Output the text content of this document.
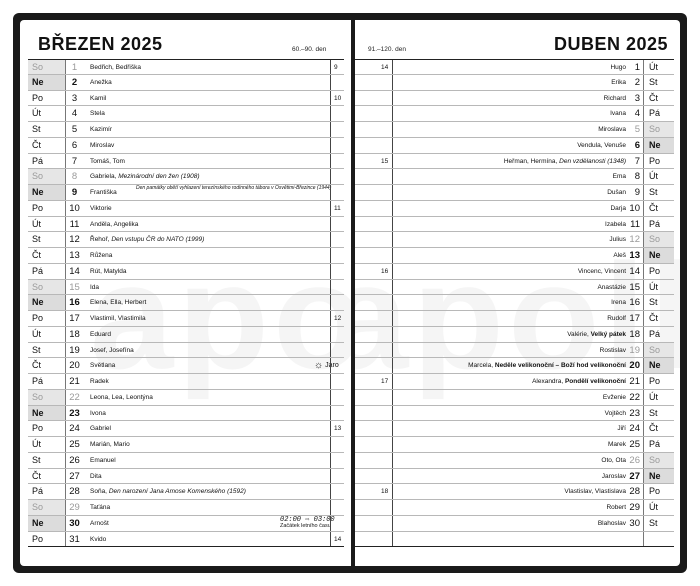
BŘEZEN 2025	60.–90. den
So	1	Bedřich, Bedřiška	9
Ne	2	Anežka
Po	3	Kamil	10
Út	4	Stela
St	5	Kazimír
Čt	6	Miroslav
Pá	7	Tomáš, Tom
So	8	Gabriela, Mezinárodní den žen (1908)
Ne	9	Františka
Den památky obětí vyhlazení terezínského rodinného tábora v Osvětimi-Březince (1944)
Po	10	Viktorie	11
Út	11	Anděla, Angelika
St	12	Řehoř, Den vstupu ČR do NATO (1999)
Čt	13	Růžena
Pá	14	Rút, Matylda
So	15	Ida
Ne	16	Elena, Ella, Herbert
Po	17	Vlastimil, Vlastimila	12
Út	18	Eduard
St	19	Josef, Josefína
Čt	20	Světlana	☼ Jaro
Pá	21	Radek
So	22	Leona, Lea, Leontýna
Ne	23	Ivona
Po	24	Gabriel	13
Út	25	Marián, Mario
St	26	Emanuel
Čt	27	Dita
Pá	28	Soňa, Den narození Jana Amose Komenského (1592)
So	29	Taťána
Ne	30	Arnošt	02:00 ⇨ 03:00
Začátek letního času
Po	31	Kvido	14
DUBEN 2025
91.–120. den
14	Hugo 1	Út
Erika 2	St
Richard 3	Čt
Ivana 4	Pá
Miroslava 5	So
Vendula, Venuše 6	Ne
15	Heřman, Hermína, Den vzdělanosti (1348) 7	Po
Ema 8	Út
Dušan 9	St
Darja 10	Čt
Izabela 11	Pá
Julius 12	So
Aleš 13	Ne
16	Vincenc, Vincent 14	Po
Anastázie 15	Út
Irena 16	St
Rudolf 17	Čt
Valérie, Velký pátek 18	Pá
Rostislav 19	So
Marcela, Neděle velikonoční – Boží hod velikonoční 20	Ne
17	Alexandra, Pondělí velikonoční 21	Po
Evženie 22	Út
Vojtěch 23	St
Jiří 24	Čt
Marek 25	Pá
Oto, Ota 26	So
Jaroslav 27	Ne
18	Vlastislav, Vlastislava 28	Po
Robert 29	Út
Blahoslav 30	St
